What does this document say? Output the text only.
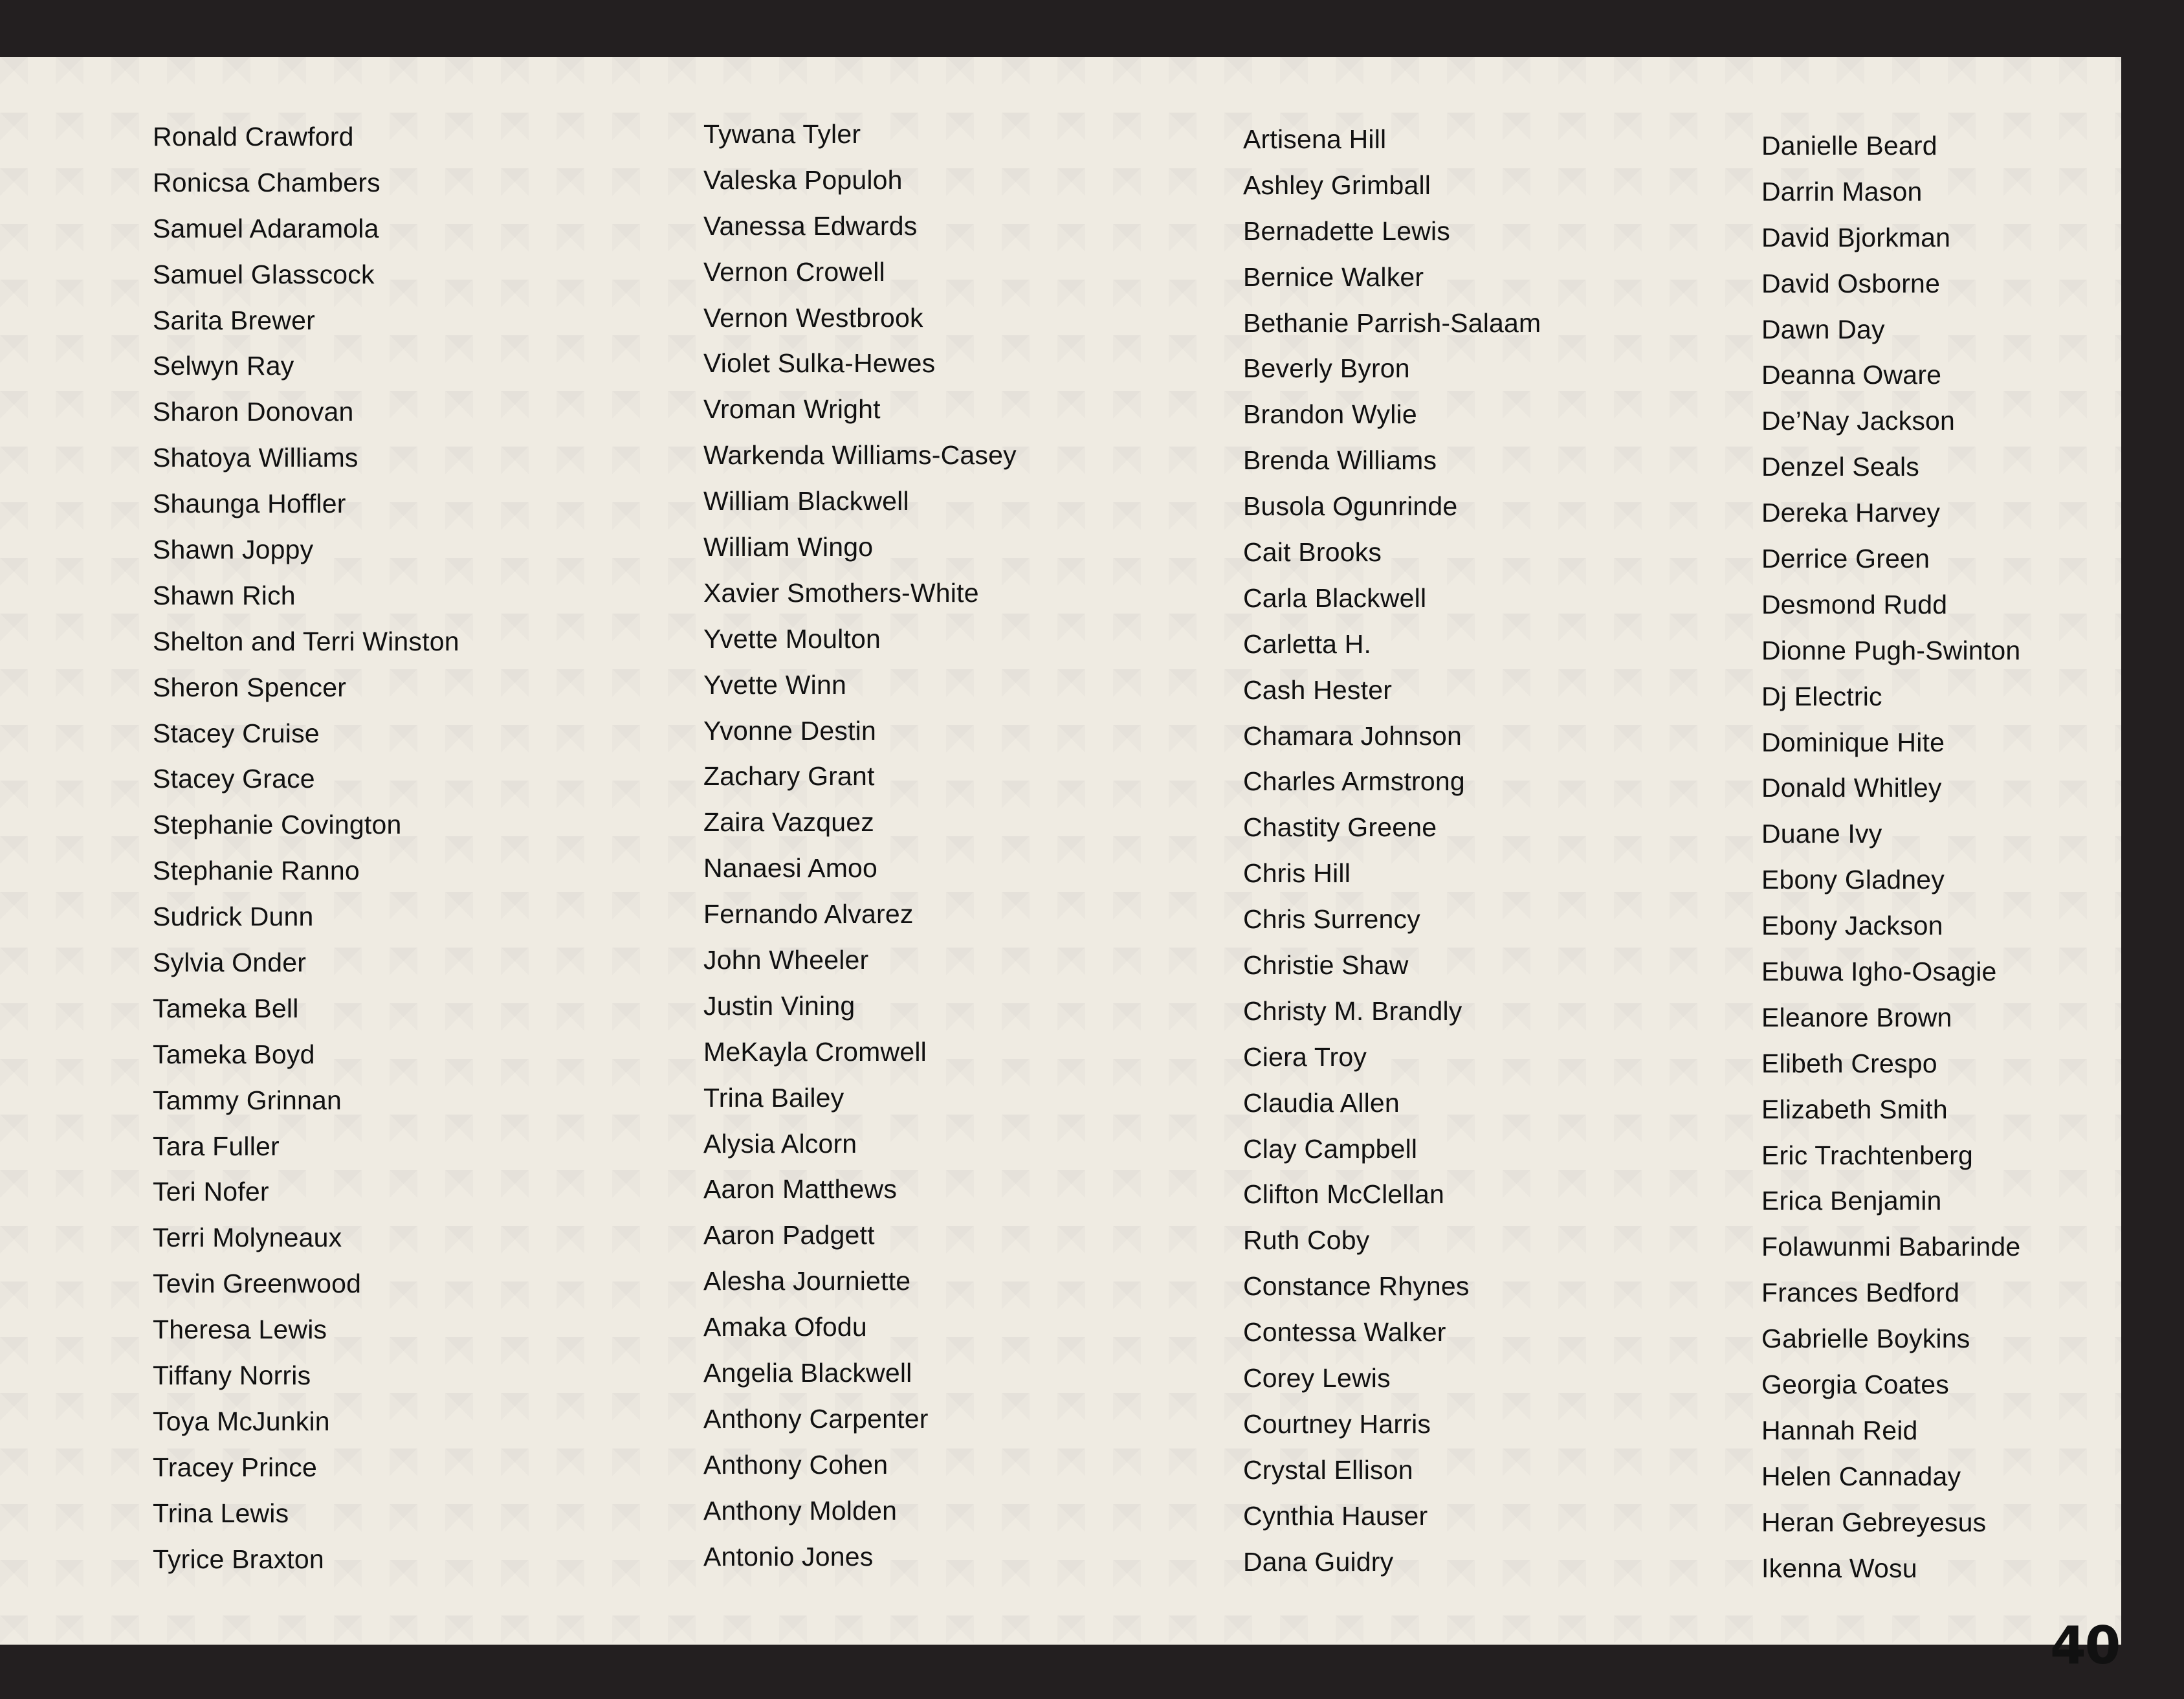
Ronald Crawford
Ronicsa Chambers
Samuel Adaramola
Samuel Glasscock
Sarita Brewer
Selwyn Ray
Sharon Donovan
Shatoya Williams
Shaunga Hoffler
Shawn Joppy
Shawn Rich
Shelton and Terri Winston
Sheron Spencer
Stacey Cruise
Stacey Grace
Stephanie Covington
Stephanie Ranno
Sudrick Dunn
Sylvia Onder
Tameka Bell
Tameka Boyd
Tammy Grinnan
Tara Fuller
Teri Nofer
Terri Molyneaux
Tevin Greenwood
Theresa Lewis
Tiffany Norris
Toya McJunkin
Tracey Prince
Trina Lewis
Tyrice Braxton
Tywana Tyler
Valeska Populoh
Vanessa Edwards
Vernon Crowell
Vernon Westbrook
Violet Sulka-Hewes
Vroman Wright
Warkenda Williams-Casey
William Blackwell
William Wingo
Xavier Smothers-White
Yvette Moulton
Yvette Winn
Yvonne Destin
Zachary Grant
Zaira Vazquez
Nanaesi Amoo
Fernando Alvarez
John Wheeler
Justin Vining
MeKayla Cromwell
Trina Bailey
Alysia Alcorn
Aaron Matthews
Aaron Padgett
Alesha Journiette
Amaka Ofodu
Angelia Blackwell
Anthony Carpenter
Anthony Cohen
Anthony Molden
Antonio Jones
Artisena Hill
Ashley Grimball
Bernadette Lewis
Bernice Walker
Bethanie Parrish-Salaam
Beverly Byron
Brandon Wylie
Brenda Williams
Busola Ogunrinde
Cait Brooks
Carla Blackwell
Carletta H.
Cash Hester
Chamara Johnson
Charles Armstrong
Chastity Greene
Chris Hill
Chris Surrency
Christie Shaw
Christy M. Brandly
Ciera Troy
Claudia Allen
Clay Campbell
Clifton McClellan
Ruth Coby
Constance Rhynes
Contessa Walker
Corey Lewis
Courtney Harris
Crystal Ellison
Cynthia Hauser
Dana Guidry
Danielle Beard
Darrin Mason
David Bjorkman
David Osborne
Dawn Day
Deanna Oware
De’Nay Jackson
Denzel Seals
Dereka Harvey
Derrice Green
Desmond Rudd
Dionne Pugh-Swinton
Dj Electric
Dominique Hite
Donald Whitley
Duane Ivy
Ebony Gladney
Ebony Jackson
Ebuwa Igho-Osagie
Eleanore Brown
Elibeth Crespo
Elizabeth Smith
Eric Trachtenberg
Erica Benjamin
Folawunmi Babarinde
Frances Bedford
Gabrielle Boykins
Georgia Coates
Hannah Reid
Helen Cannaday
Heran Gebreyesus
Ikenna Wosu
40
